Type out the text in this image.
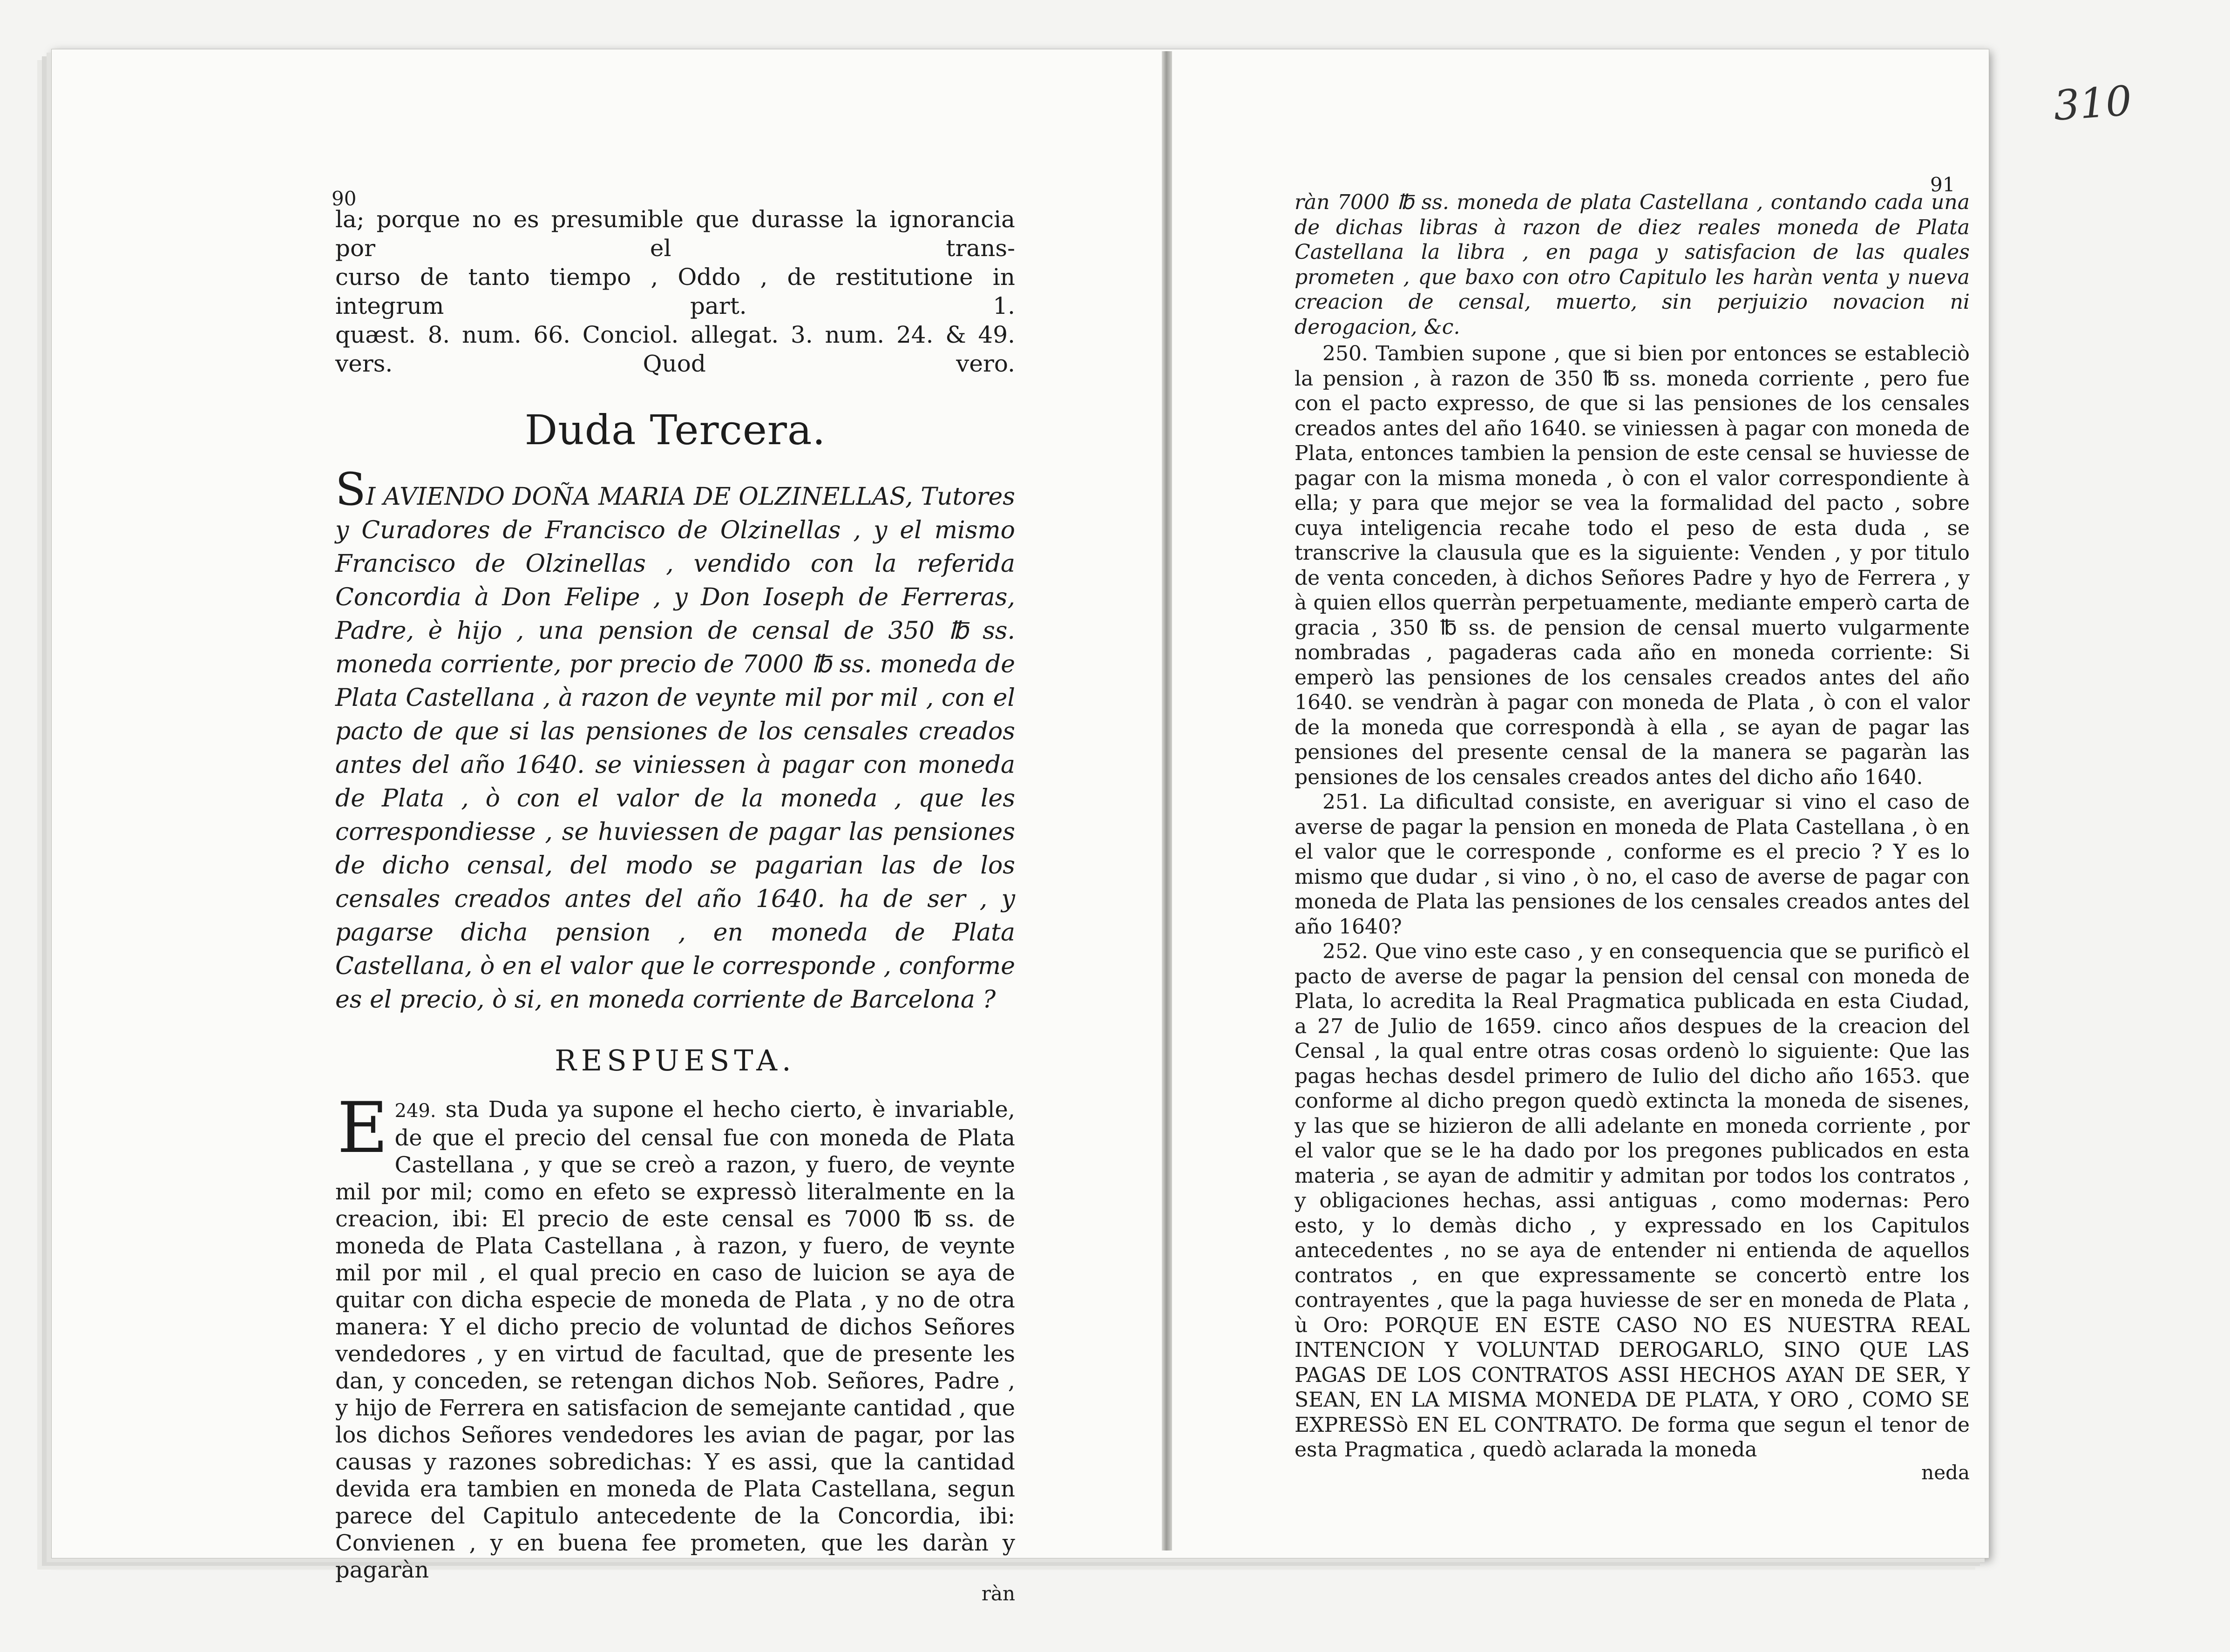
310
90
91

la; porque no es presumible que durasse la ignorancia por el trans-

curso de tanto tiempo , Oddo , de restitutione in integrum part. 1.

quæst. 8. num. 66. Conciol. allegat. 3. num. 24. & 49. vers. Quod vero.

Duda Tercera.

SI AVIENDO DOÑA MARIA DE OLZINELLAS, Tutores y Curadores de Francisco de Olzinellas , y el mismo Francisco de Olzinellas , vendido con la referida Concordia à Don Felipe , y Don Ioseph de Ferreras, Padre, è hijo , una pension de censal de 350 ℔ ss. moneda corriente, por precio de 7000 ℔ ss. moneda de Plata Castellana , à razon de veynte mil por mil , con el pacto de que si las pensiones de los censales creados antes del año 1640. se viniessen à pagar con moneda de Plata , ò con el valor de la moneda , que les correspondiesse , se huviessen de pagar las pensiones de dicho censal, del modo se pagarian las de los censales creados antes del año 1640. ha de ser , y pagarse dicha pension , en moneda de Plata Castellana, ò en el valor que le corresponde , conforme es el precio, ò si, en moneda corriente de Barcelona ?

RESPUESTA.

E 249. sta Duda ya supone el hecho cierto, è invariable, de que el precio del censal fue con moneda de Plata Castellana , y que se creò a razon, y fuero, de veynte mil por mil; como en efeto se expressò literalmente en la creacion, ibi: El precio de este censal es 7000 ℔ ss. de moneda de Plata Castellana , à razon, y fuero, de veynte mil por mil , el qual precio en caso de luicion se aya de quitar con dicha especie de moneda de Plata , y no de otra manera: Y el dicho precio de voluntad de dichos Señores vendedores , y en virtud de facultad, que de presente les dan, y conceden, se retengan dichos Nob. Señores, Padre , y hijo de Ferrera en satisfacion de semejante cantidad , que los dichos Señores vendedores les avian de pagar, por las causas y razones sobredichas: Y es assi, que la cantidad devida era tambien en moneda de Plata Castellana, segun parece del Capitulo antecedente de la Concordia, ibi: Convienen , y en buena fee prometen, que les daràn y pagaràn

ràn

ràn 7000 ℔ ss. moneda de plata Castellana , contando cada una de dichas libras à razon de diez reales moneda de Plata Castellana la libra , en paga y satisfacion de las quales prometen , que baxo con otro Capitulo les haràn venta y nueva creacion de censal, muerto, sin perjuizio novacion ni derogacion, &c.

250. Tambien supone , que si bien por entonces se estableciò la pension , à razon de 350 ℔ ss. moneda corriente , pero fue con el pacto expresso, de que si las pensiones de los censales creados antes del año 1640. se viniessen à pagar con moneda de Plata, entonces tambien la pension de este censal se huviesse de pagar con la misma moneda , ò con el valor correspondiente à ella; y para que mejor se vea la formalidad del pacto , sobre cuya inteligencia recahe todo el peso de esta duda , se transcrive la clausula que es la siguiente: Venden , y por titulo de venta conceden, à dichos Señores Padre y hyo de Ferrera , y à quien ellos querràn perpetuamente, mediante emperò carta de gracia , 350 ℔ ss. de pension de censal muerto vulgarmente nombradas , pagaderas cada año en moneda corriente: Si emperò las pensiones de los censales creados antes del año 1640. se vendràn à pagar con moneda de Plata , ò con el valor de la moneda que correspondà à ella , se ayan de pagar las pensiones del presente censal de la manera se pagaràn las pensiones de los censales creados antes del dicho año 1640.

251. La dificultad consiste, en averiguar si vino el caso de averse de pagar la pension en moneda de Plata Castellana , ò en el valor que le corresponde , conforme es el precio ? Y es lo mismo que dudar , si vino , ò no, el caso de averse de pagar con moneda de Plata las pensiones de los censales creados antes del año 1640?

252. Que vino este caso , y en consequencia que se purificò el pacto de averse de pagar la pension del censal con moneda de Plata, lo acredita la Real Pragmatica publicada en esta Ciudad, a 27 de Julio de 1659. cinco años despues de la creacion del Censal , la qual entre otras cosas ordenò lo siguiente: Que las pagas hechas desdel primero de Iulio del dicho año 1653. que conforme al dicho pregon quedò extincta la moneda de sisenes, y las que se hizieron de alli adelante en moneda corriente , por el valor que se le ha dado por los pregones publicados en esta materia , se ayan de admitir y admitan por todos los contratos , y obligaciones hechas, assi antiguas , como modernas: Pero esto, y lo demàs dicho , y expressado en los Capitulos antecedentes , no se aya de entender ni entienda de aquellos contratos , en que expressamente se concertò entre los contrayentes , que la paga huviesse de ser en moneda de Plata , ù Oro: PORQUE EN ESTE CASO NO ES NUESTRA REAL INTENCION Y VOLUNTAD DEROGARLO, SINO QUE LAS PAGAS DE LOS CONTRATOS ASSI HECHOS AYAN DE SER, Y SEAN, EN LA MISMA MONEDA DE PLATA, Y ORO , COMO SE EXPRESSò EN EL CONTRATO. De forma que segun el tenor de esta Pragmatica , quedò aclarada la moneda

neda
